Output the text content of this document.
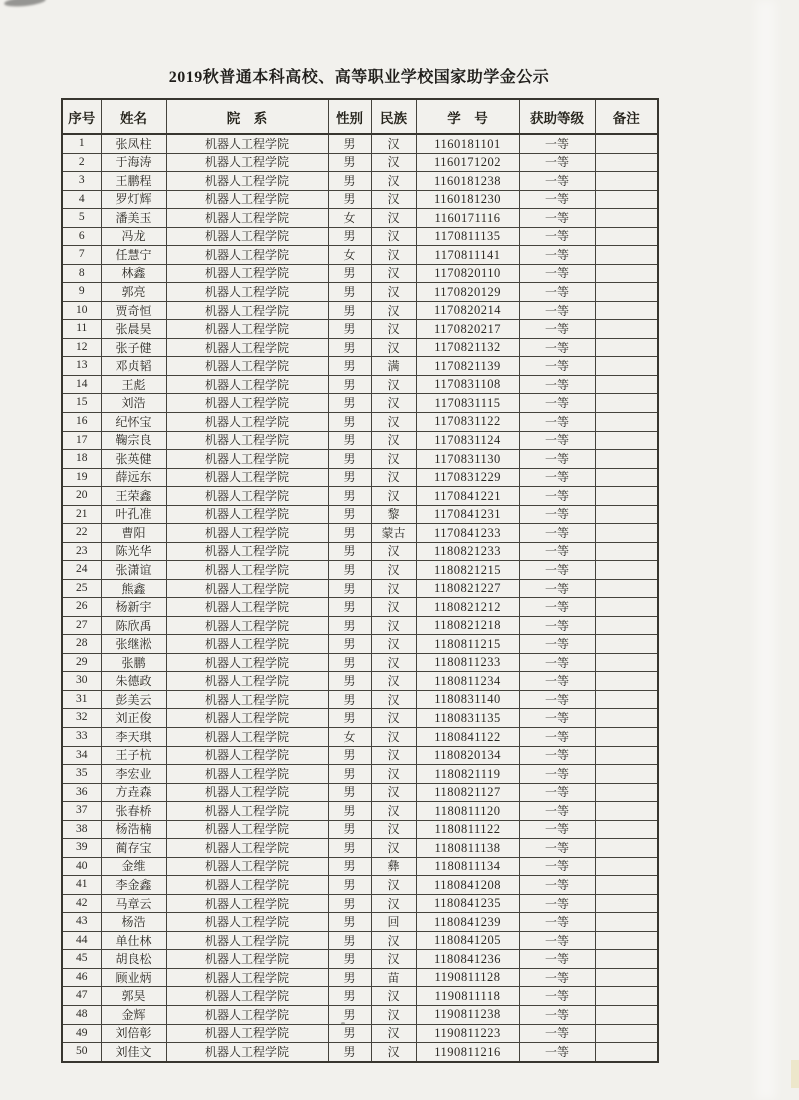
2019秋普通本科高校、高等职业学校国家助学金公示
序号	姓名	院　系	性别	民族	学　号	获助等级	备注
1	张凤柱	机器人工程学院	男	汉	1160181101	一等	
2	于海涛	机器人工程学院	男	汉	1160171202	一等	
3	王鹏程	机器人工程学院	男	汉	1160181238	一等	
4	罗灯辉	机器人工程学院	男	汉	1160181230	一等	
5	潘美玉	机器人工程学院	女	汉	1160171116	一等	
6	冯龙	机器人工程学院	男	汉	1170811135	一等	
7	任慧宁	机器人工程学院	女	汉	1170811141	一等	
8	林鑫	机器人工程学院	男	汉	1170820110	一等	
9	郭亮	机器人工程学院	男	汉	1170820129	一等	
10	贾奇恒	机器人工程学院	男	汉	1170820214	一等	
11	张晨昊	机器人工程学院	男	汉	1170820217	一等	
12	张子健	机器人工程学院	男	汉	1170821132	一等	
13	邓贞韬	机器人工程学院	男	满	1170821139	一等	
14	王彪	机器人工程学院	男	汉	1170831108	一等	
15	刘浩	机器人工程学院	男	汉	1170831115	一等	
16	纪怀宝	机器人工程学院	男	汉	1170831122	一等	
17	鞠宗良	机器人工程学院	男	汉	1170831124	一等	
18	张英健	机器人工程学院	男	汉	1170831130	一等	
19	薛远东	机器人工程学院	男	汉	1170831229	一等	
20	王荣鑫	机器人工程学院	男	汉	1170841221	一等	
21	叶孔准	机器人工程学院	男	黎	1170841231	一等	
22	曹阳	机器人工程学院	男	蒙古	1170841233	一等	
23	陈光华	机器人工程学院	男	汉	1180821233	一等	
24	张潇谊	机器人工程学院	男	汉	1180821215	一等	
25	熊鑫	机器人工程学院	男	汉	1180821227	一等	
26	杨新宇	机器人工程学院	男	汉	1180821212	一等	
27	陈欣禹	机器人工程学院	男	汉	1180821218	一等	
28	张继淞	机器人工程学院	男	汉	1180811215	一等	
29	张鹏	机器人工程学院	男	汉	1180811233	一等	
30	朱德政	机器人工程学院	男	汉	1180811234	一等	
31	彭美云	机器人工程学院	男	汉	1180831140	一等	
32	刘正俊	机器人工程学院	男	汉	1180831135	一等	
33	李天琪	机器人工程学院	女	汉	1180841122	一等	
34	王子杭	机器人工程学院	男	汉	1180820134	一等	
35	李宏业	机器人工程学院	男	汉	1180821119	一等	
36	方垚森	机器人工程学院	男	汉	1180821127	一等	
37	张春桥	机器人工程学院	男	汉	1180811120	一等	
38	杨浩楠	机器人工程学院	男	汉	1180811122	一等	
39	蔺存宝	机器人工程学院	男	汉	1180811138	一等	
40	金维	机器人工程学院	男	彝	1180811134	一等	
41	李金鑫	机器人工程学院	男	汉	1180841208	一等	
42	马章云	机器人工程学院	男	汉	1180841235	一等	
43	杨浩	机器人工程学院	男	回	1180841239	一等	
44	单仕林	机器人工程学院	男	汉	1180841205	一等	
45	胡良松	机器人工程学院	男	汉	1180841236	一等	
46	顾业炳	机器人工程学院	男	苗	1190811128	一等	
47	郭昊	机器人工程学院	男	汉	1190811118	一等	
48	金辉	机器人工程学院	男	汉	1190811238	一等	
49	刘倍彰	机器人工程学院	男	汉	1190811223	一等	
50	刘佳文	机器人工程学院	男	汉	1190811216	一等	
